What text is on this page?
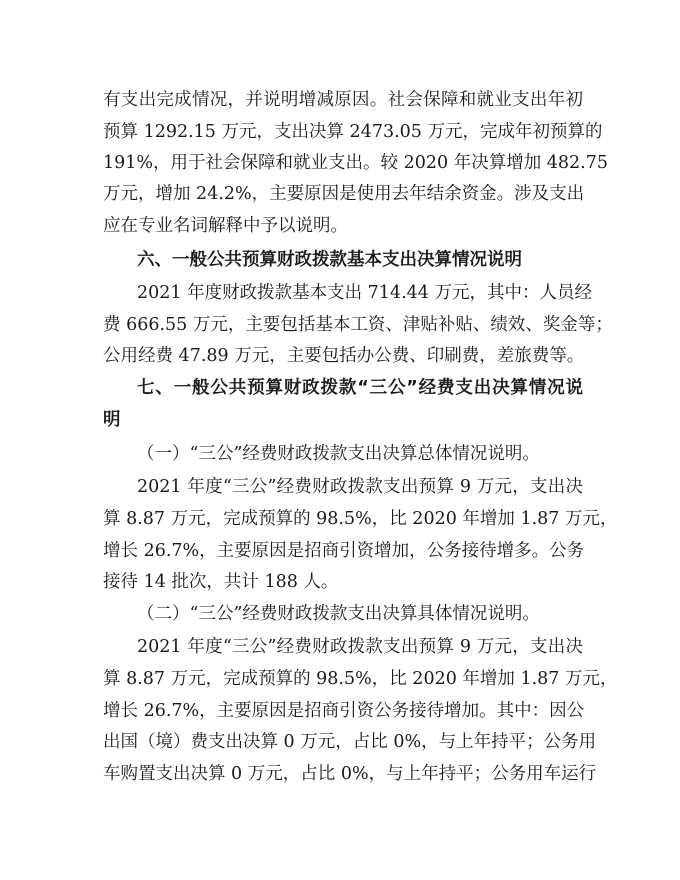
有支出完成情况，并说明增减原因。社会保障和就业支出年初
预算 1292.15 万元，支出决算 2473.05 万元，完成年初预算的
191%，用于社会保障和就业支出。较 2020 年决算增加 482.75
万元，增加 24.2%，主要原因是使用去年结余资金。涉及支出
应在专业名词解释中予以说明。
六、一般公共预算财政拨款基本支出决算情况说明
2021 年度财政拨款基本支出 714.44 万元，其中：人员经
费 666.55 万元，主要包括基本工资、津贴补贴、绩效、奖金等；
公用经费 47.89 万元，主要包括办公费、印刷费，差旅费等。
七、一般公共预算财政拨款“三公”经费支出决算情况说
明
（一）“三公”经费财政拨款支出决算总体情况说明。
2021 年度“三公”经费财政拨款支出预算 9 万元，支出决
算 8.87 万元，完成预算的 98.5%，比 2020 年增加 1.87 万元，
增长 26.7%，主要原因是招商引资增加，公务接待增多。公务
接待 14 批次，共计 188 人。
（二）“三公”经费财政拨款支出决算具体情况说明。
2021 年度“三公”经费财政拨款支出预算 9 万元，支出决
算 8.87 万元，完成预算的 98.5%，比 2020 年增加 1.87 万元，
增长 26.7%，主要原因是招商引资公务接待增加。其中：因公
出国（境）费支出决算 0 万元，占比 0%，与上年持平；公务用
车购置支出决算 0 万元，占比 0%，与上年持平；公务用车运行
